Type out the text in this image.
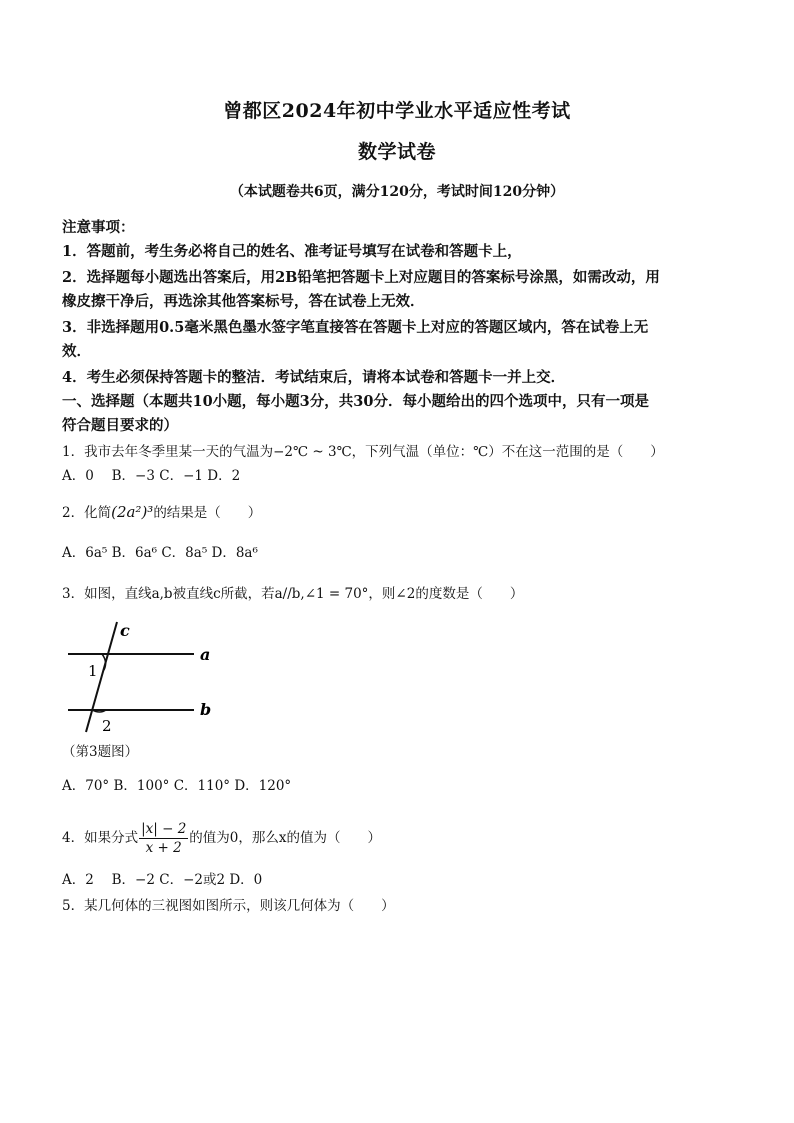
曾都区2024年初中学业水平适应性考试
数学试卷
（本试题卷共6页，满分120分，考试时间120分钟）
注意事项：
1．答题前，考生务必将自己的姓名、准考证号填写在试卷和答题卡上，
2．选择题每小题选出答案后，用2B铅笔把答题卡上对应题目的答案标号涂黑，如需改动，用
橡皮擦干净后，再选涂其他答案标号，答在试卷上无效．
3．非选择题用0.5毫米黑色墨水签字笔直接答在答题卡上对应的答题区域内，答在试卷上无
效．
4．考生必须保持答题卡的整洁．考试结束后，请将本试卷和答题卡一并上交．
一、选择题（本题共10小题，每小题3分，共30分．每小题给出的四个选项中，只有一项是
符合题目要求的）
1．我市去年冬季里某一天的气温为−2℃ ~ 3℃，下列气温（单位：℃）不在这一范围的是（　　）
A．0　 B．−3 C．−1 D．2
2．化简(2a²)³的结果是（　　）
A．6a⁵ B．6a⁶ C．8a⁵ D．8a⁶
3．如图，直线a,b被直线c所截，若a//b,∠1 = 70°，则∠2的度数是（　　）
c
a
b
1
2
（第3题图）
A．70° B．100° C．110° D．120°
4．如果分式 $\frac{|x| - 2}{x + 2}$ 的值为0，那么x的值为（　　）
A．2　 B．−2 C．−2或2 D．0
5．某几何体的三视图如图所示，则该几何体为（　　）
